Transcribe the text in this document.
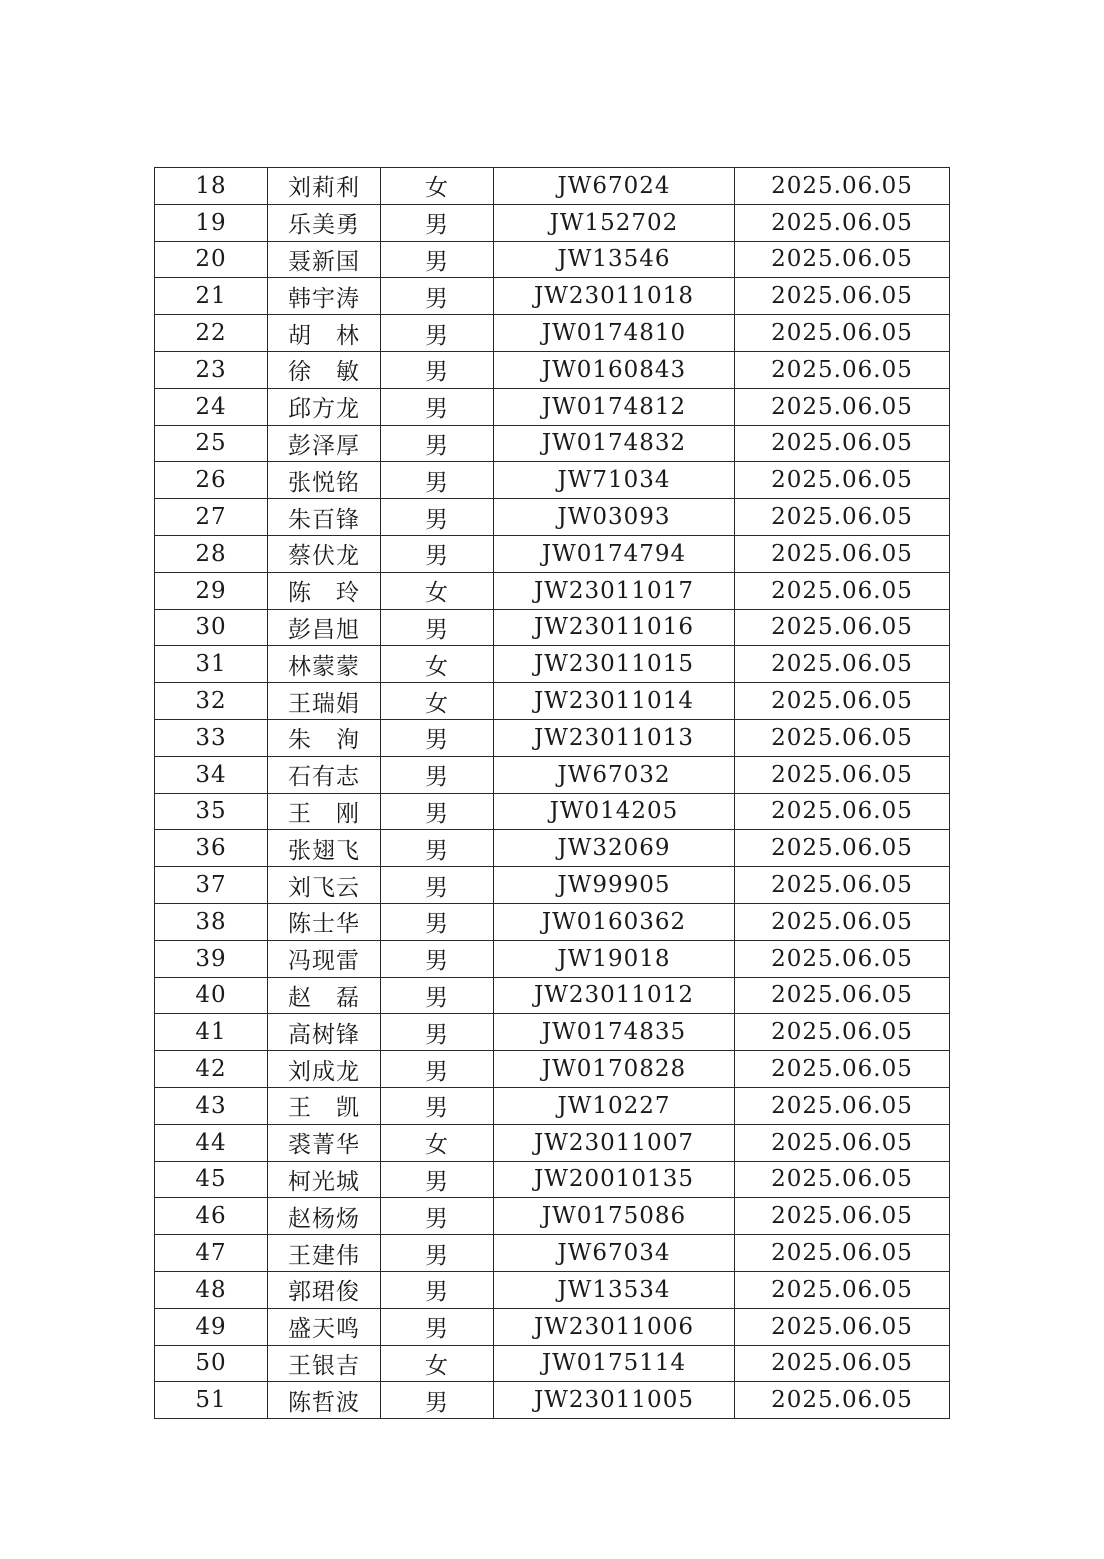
18	刘莉利	女	JW67024	2025.06.05
19	乐美勇	男	JW152702	2025.06.05
20	聂新国	男	JW13546	2025.06.05
21	韩宇涛	男	JW23011018	2025.06.05
22	胡　林	男	JW0174810	2025.06.05
23	徐　敏	男	JW0160843	2025.06.05
24	邱方龙	男	JW0174812	2025.06.05
25	彭泽厚	男	JW0174832	2025.06.05
26	张悦铭	男	JW71034	2025.06.05
27	朱百锋	男	JW03093	2025.06.05
28	蔡伏龙	男	JW0174794	2025.06.05
29	陈　玲	女	JW23011017	2025.06.05
30	彭昌旭	男	JW23011016	2025.06.05
31	林蒙蒙	女	JW23011015	2025.06.05
32	王瑞娟	女	JW23011014	2025.06.05
33	朱　洵	男	JW23011013	2025.06.05
34	石有志	男	JW67032	2025.06.05
35	王　刚	男	JW014205	2025.06.05
36	张翅飞	男	JW32069	2025.06.05
37	刘飞云	男	JW99905	2025.06.05
38	陈士华	男	JW0160362	2025.06.05
39	冯现雷	男	JW19018	2025.06.05
40	赵　磊	男	JW23011012	2025.06.05
41	高树锋	男	JW0174835	2025.06.05
42	刘成龙	男	JW0170828	2025.06.05
43	王　凯	男	JW10227	2025.06.05
44	裘菁华	女	JW23011007	2025.06.05
45	柯光城	男	JW20010135	2025.06.05
46	赵杨炀	男	JW0175086	2025.06.05
47	王建伟	男	JW67034	2025.06.05
48	郭珺俊	男	JW13534	2025.06.05
49	盛天鸣	男	JW23011006	2025.06.05
50	王银吉	女	JW0175114	2025.06.05
51	陈哲波	男	JW23011005	2025.06.05
